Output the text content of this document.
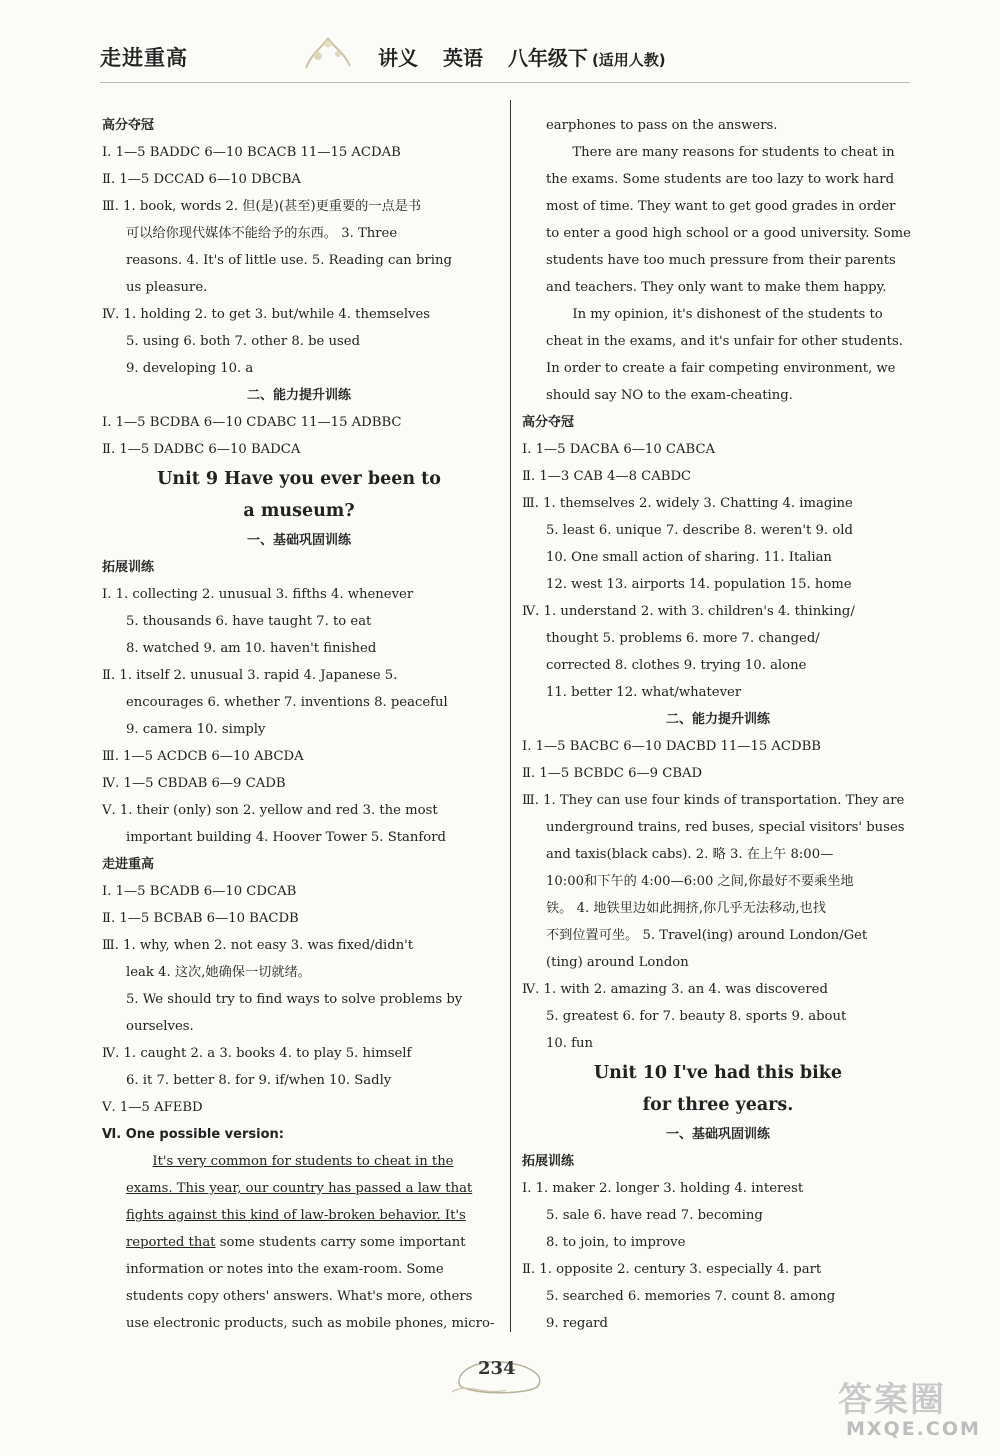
走进重高	讲义 英语 八年级下 (适用人教)
高分夺冠
Ⅰ. 1—5 BADDC 6—10 BCACB 11—15 ACDAB
Ⅱ. 1—5 DCCAD 6—10 DBCBA
Ⅲ. 1. book, words 2. 但(是)(甚至)更重要的一点是书
可以给你现代媒体不能给予的东西。 3. Three
reasons. 4. It's of little use. 5. Reading can bring
us pleasure.
Ⅳ. 1. holding 2. to get 3. but/while 4. themselves
5. using 6. both 7. other 8. be used
9. developing 10. a
二、能力提升训练
Ⅰ. 1—5 BCDBA 6—10 CDABC 11—15 ADBBC
Ⅱ. 1—5 DADBC 6—10 BADCA
Unit 9 Have you ever been to
a museum?
一、基础巩固训练
拓展训练
Ⅰ. 1. collecting 2. unusual 3. fifths 4. whenever
5. thousands 6. have taught 7. to eat
8. watched 9. am 10. haven't finished
Ⅱ. 1. itself 2. unusual 3. rapid 4. Japanese 5.
encourages 6. whether 7. inventions 8. peaceful
9. camera 10. simply
Ⅲ. 1—5 ACDCB 6—10 ABCDA
Ⅳ. 1—5 CBDAB 6—9 CADB
Ⅴ. 1. their (only) son 2. yellow and red 3. the most
important building 4. Hoover Tower 5. Stanford
走进重高
Ⅰ. 1—5 BCADB 6—10 CDCAB
Ⅱ. 1—5 BCBAB 6—10 BACDB
Ⅲ. 1. why, when 2. not easy 3. was fixed/didn't
leak 4. 这次,她确保一切就绪。
5. We should try to find ways to solve problems by
ourselves.
Ⅳ. 1. caught 2. a 3. books 4. to play 5. himself
6. it 7. better 8. for 9. if/when 10. Sadly
Ⅴ. 1—5 AFEBD
Ⅵ. One possible version:
It's very common for students to cheat in the
exams. This year, our country has passed a law that
fights against this kind of law-broken behavior. It's
reported that some students carry some important
information or notes into the exam-room. Some
students copy others' answers. What's more, others
use electronic products, such as mobile phones, micro-
earphones to pass on the answers.
There are many reasons for students to cheat in
the exams. Some students are too lazy to work hard
most of time. They want to get good grades in order
to enter a good high school or a good university. Some
students have too much pressure from their parents
and teachers. They only want to make them happy.
In my opinion, it's dishonest of the students to
cheat in the exams, and it's unfair for other students.
In order to create a fair competing environment, we
should say NO to the exam-cheating.
高分夺冠
Ⅰ. 1—5 DACBA 6—10 CABCA
Ⅱ. 1—3 CAB 4—8 CABDC
Ⅲ. 1. themselves 2. widely 3. Chatting 4. imagine
5. least 6. unique 7. describe 8. weren't 9. old
10. One small action of sharing. 11. Italian
12. west 13. airports 14. population 15. home
Ⅳ. 1. understand 2. with 3. children's 4. thinking/
thought 5. problems 6. more 7. changed/
corrected 8. clothes 9. trying 10. alone
11. better 12. what/whatever
二、能力提升训练
Ⅰ. 1—5 BACBC 6—10 DACBD 11—15 ACDBB
Ⅱ. 1—5 BCBDC 6—9 CBAD
Ⅲ. 1. They can use four kinds of transportation. They are
underground trains, red buses, special visitors' buses
and taxis(black cabs). 2. 略 3. 在上午 8:00—
10:00和下午的 4:00—6:00 之间,你最好不要乘坐地
铁。 4. 地铁里边如此拥挤,你几乎无法移动,也找
不到位置可坐。 5. Travel(ing) around London/Get
(ting) around London
Ⅳ. 1. with 2. amazing 3. an 4. was discovered
5. greatest 6. for 7. beauty 8. sports 9. about
10. fun
Unit 10 I've had this bike
for three years.
一、基础巩固训练
拓展训练
Ⅰ. 1. maker 2. longer 3. holding 4. interest
5. sale 6. have read 7. becoming
8. to join, to improve
Ⅱ. 1. opposite 2. century 3. especially 4. part
5. searched 6. memories 7. count 8. among
9. regard
234
答案圈
MXQE.COM
